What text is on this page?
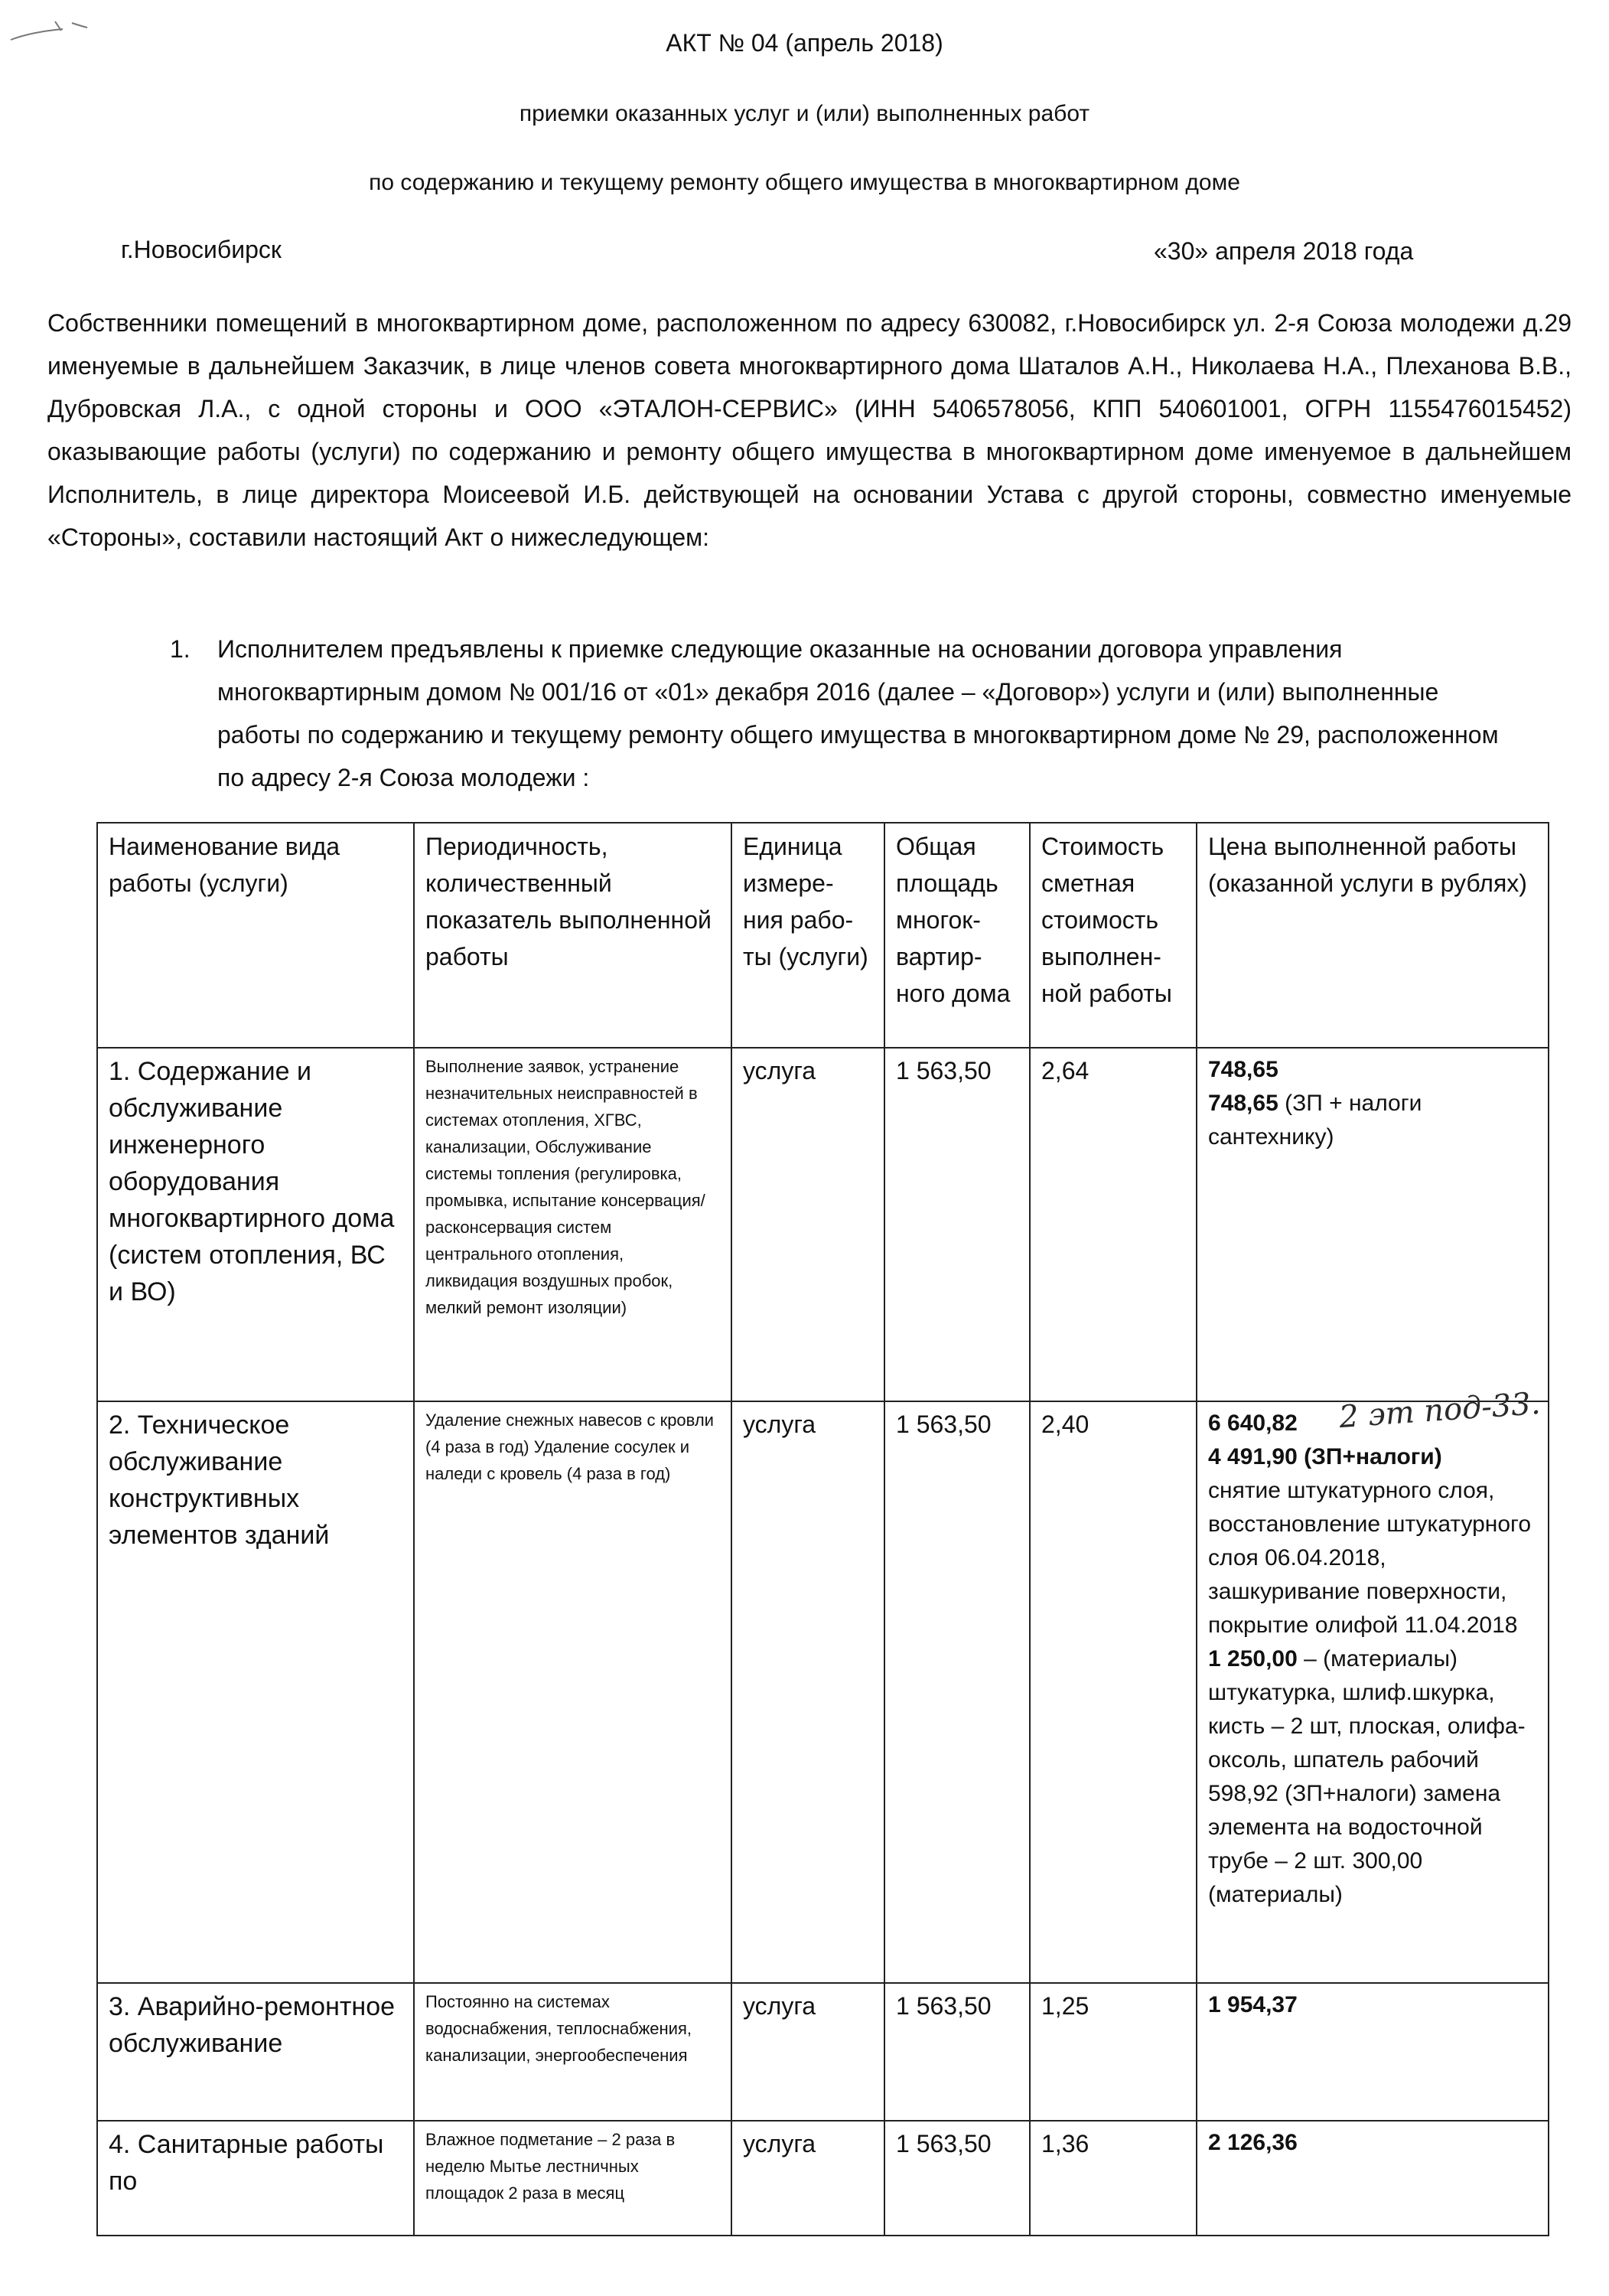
АКТ № 04 (апрель 2018)
приемки оказанных услуг и (или) выполненных работ
по содержанию и текущему ремонту общего имущества в многоквартирном доме
г.Новосибирск	«30» апреля 2018 года

Собственники помещений в многоквартирном доме, расположенном по адресу 630082, г.Новосибирск ул. 2-я Союза молодежи д.29 именуемые в дальнейшем Заказчик, в лице членов совета многоквартирного дома Шаталов А.Н., Николаева Н.А., Плеханова В.В., Дубровская Л.А., с одной стороны и ООО «ЭТАЛОН-СЕРВИС» (ИНН 5406578056, КПП 540601001, ОГРН 1155476015452) оказывающие работы (услуги) по содержанию и ремонту общего имущества в многоквартирном доме именуемое в дальнейшем Исполнитель, в лице директора Моисеевой И.Б. действующей на основании Устава с другой стороны, совместно именуемые «Стороны», составили настоящий Акт о нижеследующем:

1. Исполнителем предъявлены к приемке следующие оказанные на основании договора управления многоквартирным домом № 001/16 от «01» декабря 2016 (далее – «Договор») услуги и (или) выполненные работы по содержанию и текущему ремонту общего имущества в многоквартирном доме № 29, расположенном по адресу 2-я Союза молодежи :
Наименование вида работы (услуги)	Периодичность, количественный показатель выполненной работы	Единица измере-ния рабо-ты (услуги)	Общая площадь многок-вартир-ного дома	Стоимость сметная стоимость выполнен-ной работы	Цена выполненной работы (оказанной услуги в рублях)
1. Содержание и обслуживание инженерного оборудования многоквартирного дома (систем отопления, ВС и ВО)	Выполнение заявок, устранение незначительных неисправностей в системах отопления, ХГВС, канализации, Обслуживание системы топления (регулировка, промывка, испытание консервация/расконсервация систем центрального отопления, ликвидация воздушных пробок, мелкий ремонт изоляции)	услуга	1 563,50	2,64	748,65
748,65 (ЗП + налоги сантехнику)
2. Техническое обслуживание конструктивных элементов зданий	Удаление снежных навесов с кровли (4 раза в год) Удаление сосулек и наледи с кровель (4 раза в год)	услуга	1 563,50	2,40	6 640,82
4 491,90 (ЗП+налоги)
снятие штукатурного слоя, восстановление штукатурного слоя 06.04.2018, зашкуривание поверхности, покрытие олифой 11.04.2018
1 250,00 – (материалы) штукатурка, шлиф.шкурка, кисть – 2 шт, плоская, олифа-оксоль, шпатель рабочий
598,92 (ЗП+налоги) замена элемента на водосточной трубе – 2 шт. 300,00 (материалы)

3. Аварийно-ремонтное обслуживание	Постоянно на системах водоснабжения, теплоснабжения, канализации, энергообеспечения	услуга	1 563,50	1,25	1 954,37
4. Санитарные работы по	Влажное подметание – 2 раза в неделю Мытье лестничных площадок 2 раза в месяц	услуга	1 563,50	1,36	2 126,36
2 эт под-33.
